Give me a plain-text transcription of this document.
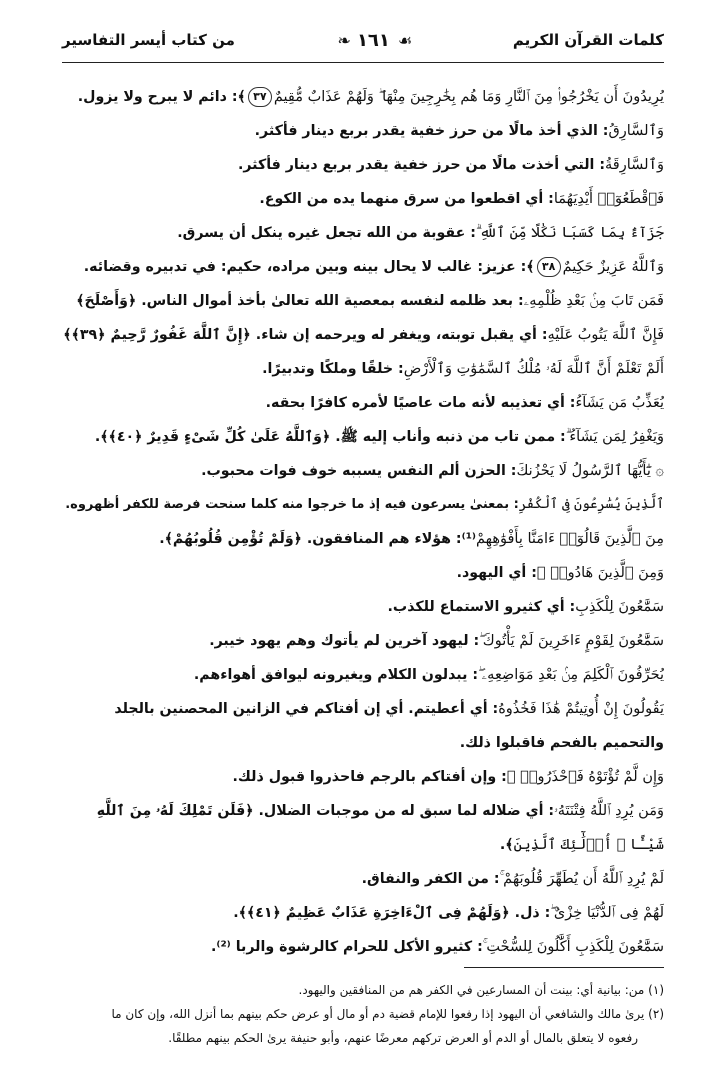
كلمات القرآن الكريم
☙
١٦١
❧
من كتاب أيسر التفاسير
يُرِيدُونَ أَن يَخْرُجُوا۟ مِنَ ٱلنَّارِ وَمَا هُم بِخَٰرِجِينَ مِنْهَا ۖ وَلَهُمْ عَذَابٌ مُّقِيمٌ٣٧﴾: دائم لا يبرح ولا يزول.
وَٱلسَّارِقُ: الذي أخذ مالًا من حرز خفية يقدر بربع دينار فأكثر.
وَٱلسَّارِقَةُ: التي أخذت مالًا من حرز خفية يقدر بربع دينار فأكثر.
فَٱقْطَعُوٓا۟ أَيْدِيَهُمَا: أي اقطعوا من سرق منهما يده من الكوع.
جَزَآءًۢ بِمَا كَسَبَا نَكَٰلًا مِّنَ ٱللَّهِ ۗ: عقوبة من الله تجعل غيره ينكل أن يسرق.
وَٱللَّهُ عَزِيزٌ حَكِيمٌ٣٨﴾: عزيز: غالب لا يحال بينه وبين مراده، حكيم: في تدبيره وقضائه.
فَمَن تَابَ مِنۢ بَعْدِ ظُلْمِهِۦ: بعد ظلمه لنفسه بمعصية الله تعالىٰ بأخذ أموال الناس. ﴿وَأَصْلَحَ﴾
فَإِنَّ ٱللَّهَ يَتُوبُ عَلَيْهِ: أي يقبل توبته، ويغفر له ويرحمه إن شاء. ﴿إِنَّ ٱللَّهَ غَفُورٌ رَّحِيمٌ ﴿٣٩﴾﴾
أَلَمْ تَعْلَمْ أَنَّ ٱللَّهَ لَهُۥ مُلْكُ ٱلسَّمَٰوَٰتِ وَٱلْأَرْضِ: خلقًا وملكًا وتدبيرًا.
يُعَذِّبُ مَن يَشَآءُ: أي تعذيبه لأنه مات عاصيًا لأمره كافرًا بحقه.
وَيَغْفِرُ لِمَن يَشَآءُ ۗ: ممن تاب من ذنبه وأناب إليه ﷺ. ﴿وَٱللَّهُ عَلَىٰ كُلِّ شَىْءٍ قَدِيرٌ ﴿٤٠﴾﴾.
۞ يَٰٓأَيُّهَا ٱلرَّسُولُ لَا يَحْزُنكَ: الحزن ألم النفس يسببه خوف فوات محبوب.
ٱلَّذِينَ يُسَٰرِعُونَ فِى ٱلْكُفْرِ: بمعنىٰ يسرعون فيه إذ ما خرجوا منه كلما سنحت فرصة للكفر أظهروه.
مِنَ ٱلَّذِينَ قَالُوٓا۟ ءَامَنَّا بِأَفْوَٰهِهِمْ⁽¹⁾: هؤلاء هم المنافقون. ﴿وَلَمْ تُؤْمِن قُلُوبُهُمْ﴾.
وَمِنَ ٱلَّذِينَ هَادُوا۟ ۛ: أي اليهود.
سَمَّٰعُونَ لِلْكَذِبِ: أي كثيرو الاستماع للكذب.
سَمَّٰعُونَ لِقَوْمٍ ءَاخَرِينَ لَمْ يَأْتُوكَ ۖ: ليهود آخرين لم يأتوك وهم يهود خيبر.
يُحَرِّفُونَ ٱلْكَلِمَ مِنۢ بَعْدِ مَوَاضِعِهِۦ ۖ: يبدلون الكلام ويغيرونه ليوافق أهواءهم.
يَقُولُونَ إِنْ أُوتِيتُمْ هَٰذَا فَخُذُوهُ: أي أعطيتم. أي إن أفتاكم في الزانين المحصنين بالجلد
والتحميم بالفحم فاقبلوا ذلك.
وَإِن لَّمْ تُؤْتَوْهُ فَٱحْذَرُوا۟ ۚ: وإن أفتاكم بالرجم فاحذروا قبول ذلك.
وَمَن يُرِدِ ٱللَّهُ فِتْنَتَهُۥ: أي ضلاله لما سبق له من موجبات الضلال. ﴿فَلَن تَمْلِكَ لَهُۥ مِنَ ٱللَّهِ
شَيْـًٔا ۚ أُو۟لَٰٓئِكَ ٱلَّذِينَ﴾.
لَمْ يُرِدِ ٱللَّهُ أَن يُطَهِّرَ قُلُوبَهُمْ ۚ: من الكفر والنفاق.
لَهُمْ فِى ٱلدُّنْيَا خِزْىٌ ۖ: ذل. ﴿وَلَهُمْ فِى ٱلْءَاخِرَةِ عَذَابٌ عَظِيمٌ ﴿٤١﴾﴾.
سَمَّٰعُونَ لِلْكَذِبِ أَكَّٰلُونَ لِلسُّحْتِ ۚ: كثيرو الأكل للحرام كالرشوة والربا ⁽²⁾.
(١) من: بيانية أي: بينت أن المسارعين في الكفر هم من المنافقين واليهود.
(٢) يرىٰ مالك والشافعي أن اليهود إذا رفعوا للإمام قضية دم أو مال أو عرض حكم بينهم بما أنزل الله، وإن كان ما
رفعوه لا يتعلق بالمال أو الدم أو العرض تركهم معرضًا عنهم، وأبو حنيفة يرىٰ الحكم بينهم مطلقًا.
